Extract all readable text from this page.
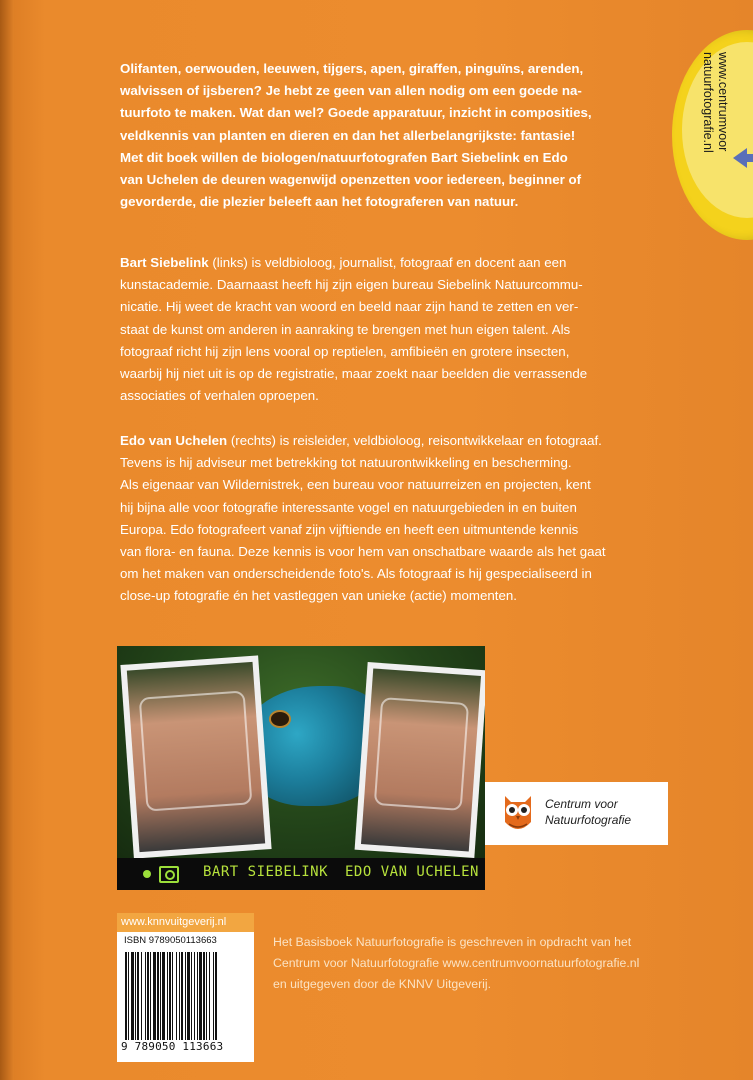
www.centrumvoor
natuurfotografie.nl
Olifanten, oerwouden, leeuwen, tijgers, apen, giraffen, pinguïns, arenden,
walvissen of ijsberen? Je hebt ze geen van allen nodig om een goede na-
tuurfoto te maken. Wat dan wel? Goede apparatuur, inzicht in composities,
veldkennis van planten en dieren en dan het allerbelangrijkste: fantasie!
Met dit boek willen de biologen/natuurfotografen Bart Siebelink en Edo
van Uchelen de deuren wagenwijd openzetten voor iedereen, beginner of
gevorderde, die plezier beleeft aan het fotograferen van natuur.
Bart Siebelink (links) is veldbioloog, journalist, fotograaf en docent aan een
kunstacademie. Daarnaast heeft hij zijn eigen bureau Siebelink Natuurcommu-
nicatie. Hij weet de kracht van woord en beeld naar zijn hand te zetten en ver-
staat de kunst om anderen in aanraking te brengen met hun eigen talent. Als
fotograaf richt hij zijn lens vooral op reptielen, amfibieën en grotere insecten,
waarbij hij niet uit is op de registratie, maar zoekt naar beelden die verrassende
associaties of verhalen oproepen.
Edo van Uchelen (rechts) is reisleider, veldbioloog, reisontwikkelaar en fotograaf.
Tevens is hij adviseur met betrekking tot natuurontwikkeling en bescherming.
Als eigenaar van Wildernistrek, een bureau voor natuurreizen en projecten, kent
hij bijna alle voor fotografie interessante vogel en natuurgebieden in en buiten
Europa. Edo fotografeert vanaf zijn vijftiende en heeft een uitmuntende kennis
van flora- en fauna. Deze kennis is voor hem van onschatbare waarde als het gaat
om het maken van onderscheidende foto's. Als fotograaf is hij gespecialiseerd in
close-up fotografie én het vastleggen van unieke (actie) momenten.
BART SIEBELINK EDO VAN UCHELEN
Centrum voor
Natuurfotografie
www.knnvuitgeverij.nl
ISBN 9789050113663
9 789050 113663
Het Basisboek Natuurfotografie is geschreven in opdracht van het
Centrum voor Natuurfotografie www.centrumvoornatuurfotografie.nl
en uitgegeven door de KNNV Uitgeverij.
